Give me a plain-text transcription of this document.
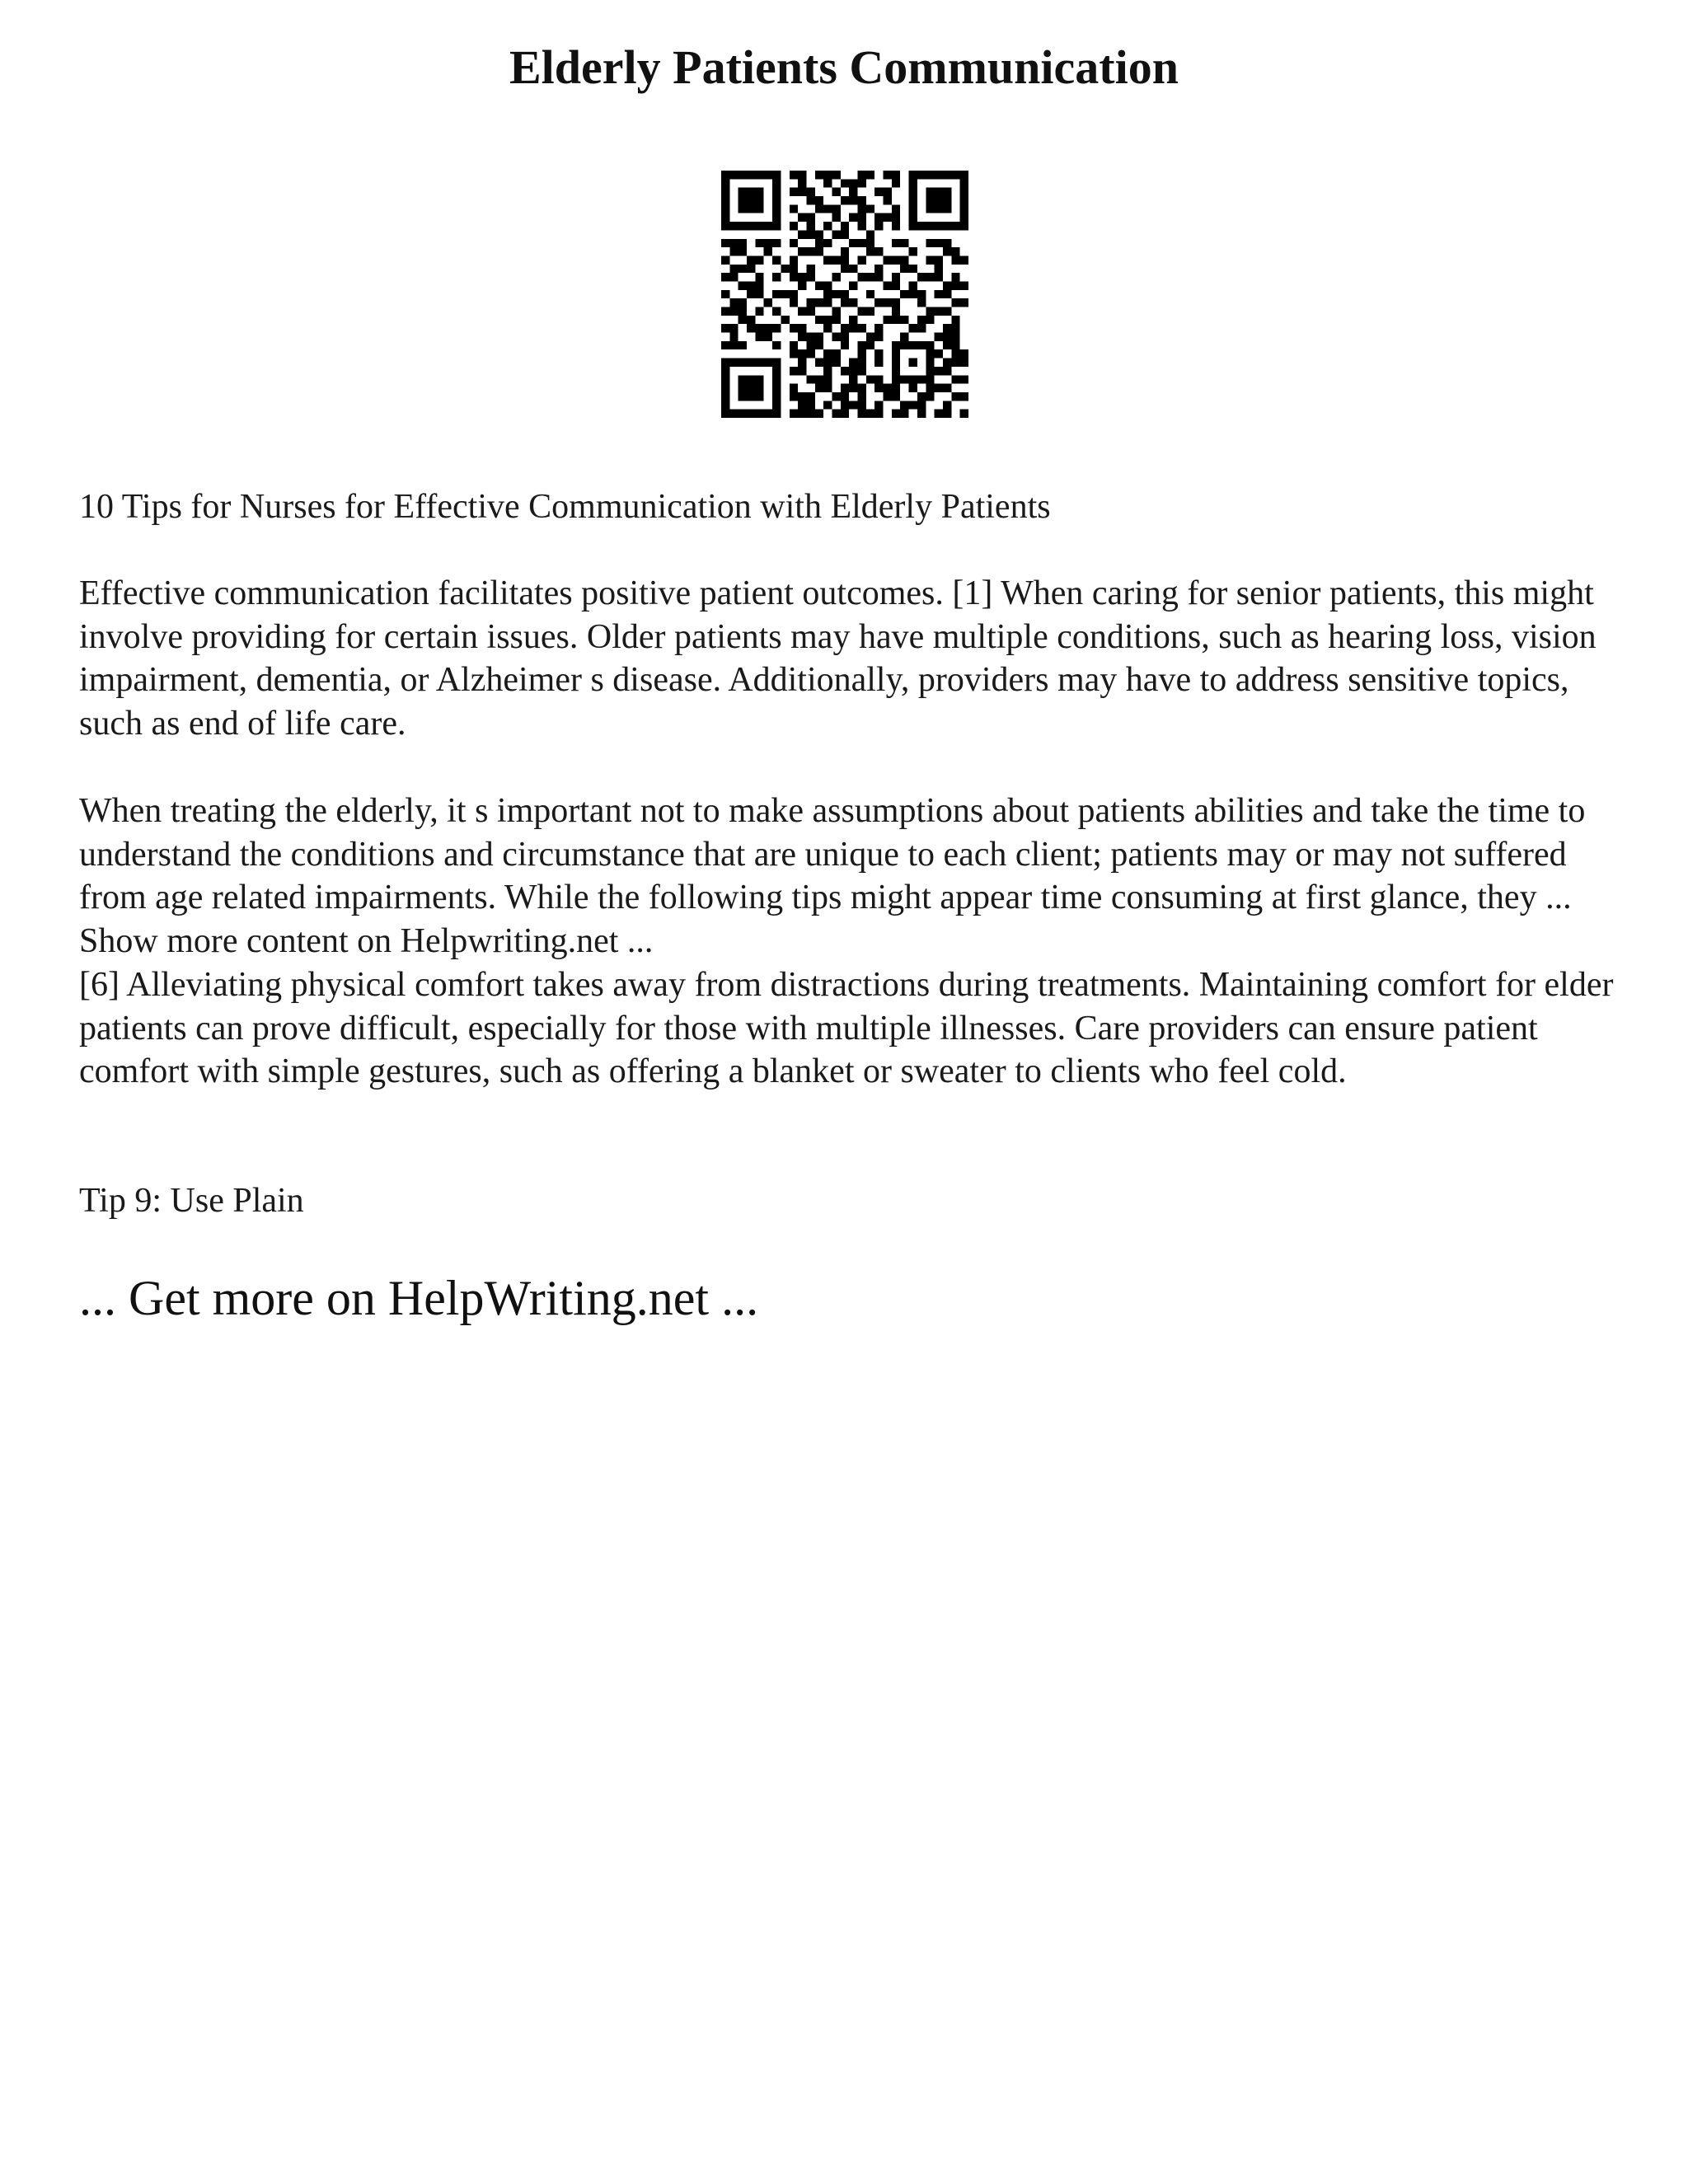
Elderly Patients Communication

10 Tips for Nurses for Effective Communication with Elderly Patients

Effective communication facilitates positive patient outcomes. [1] When caring for senior patients, this might involve providing for certain issues. Older patients may have multiple conditions, such as hearing loss, vision impairment, dementia, or Alzheimer s disease. Additionally, providers may have to address sensitive topics, such as end of life care.

When treating the elderly, it s important not to make assumptions about patients abilities and take the time to understand the conditions and circumstance that are unique to each client; patients may or may not suffered from age related impairments. While the following tips might appear time consuming at first glance, they ... Show more content on Helpwriting.net ...

[6] Alleviating physical comfort takes away from distractions during treatments. Maintaining comfort for elder patients can prove difficult, especially for those with multiple illnesses. Care providers can ensure patient comfort with simple gestures, such as offering a blanket or sweater to clients who feel cold.

Tip 9: Use Plain

... Get more on HelpWriting.net ...
